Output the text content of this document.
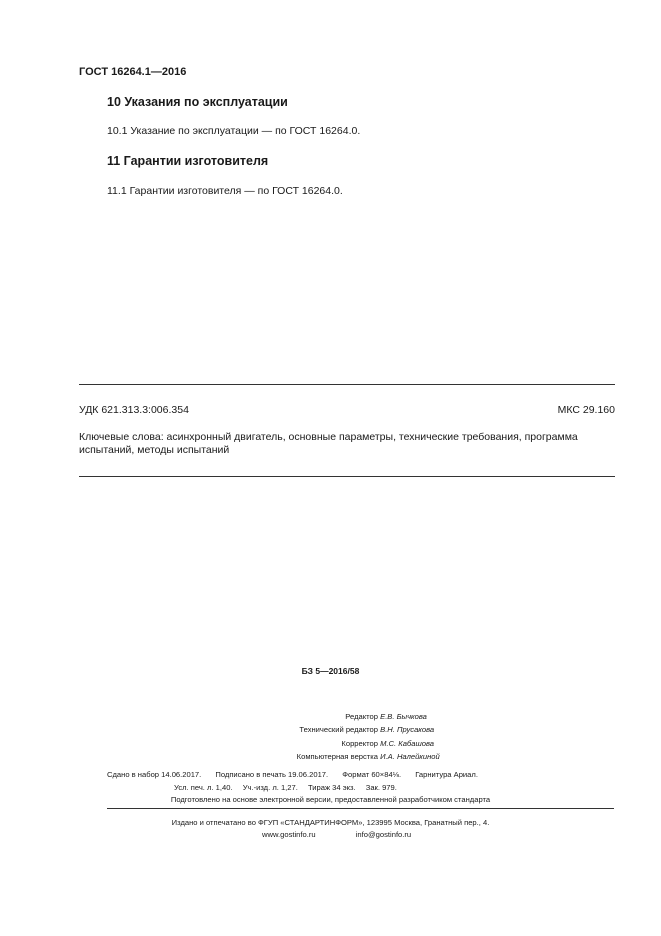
ГОСТ 16264.1—2016
10 Указания по эксплуатации
10.1 Указание по эксплуатации — по ГОСТ 16264.0.
11 Гарантии изготовителя
11.1 Гарантии изготовителя — по ГОСТ 16264.0.
УДК 621.313.3:006.354	МКС 29.160
Ключевые слова: асинхронный двигатель, основные параметры, технические требования, программа испытаний, методы испытаний
БЗ 5—2016/58
Редактор Е.В. Бычкова
Технический редактор В.Н. Прусакова
Корректор М.С. Кабашова
Компьютерная верстка И.А. Налейкиной
Сдано в набор 14.06.2017. Подписано в печать 19.06.2017. Формат 60×84⅛. Гарнитура Ариал.
Усл. печ. л. 1,40. Уч.-изд. л. 1,27. Тираж 34 экз. Зак. 979.
Подготовлено на основе электронной версии, предоставленной разработчиком стандарта
Издано и отпечатано во ФГУП «СТАНДАРТИНФОРМ», 123995 Москва, Гранатный пер., 4.
www.gostinfo.ru	info@gostinfo.ru
